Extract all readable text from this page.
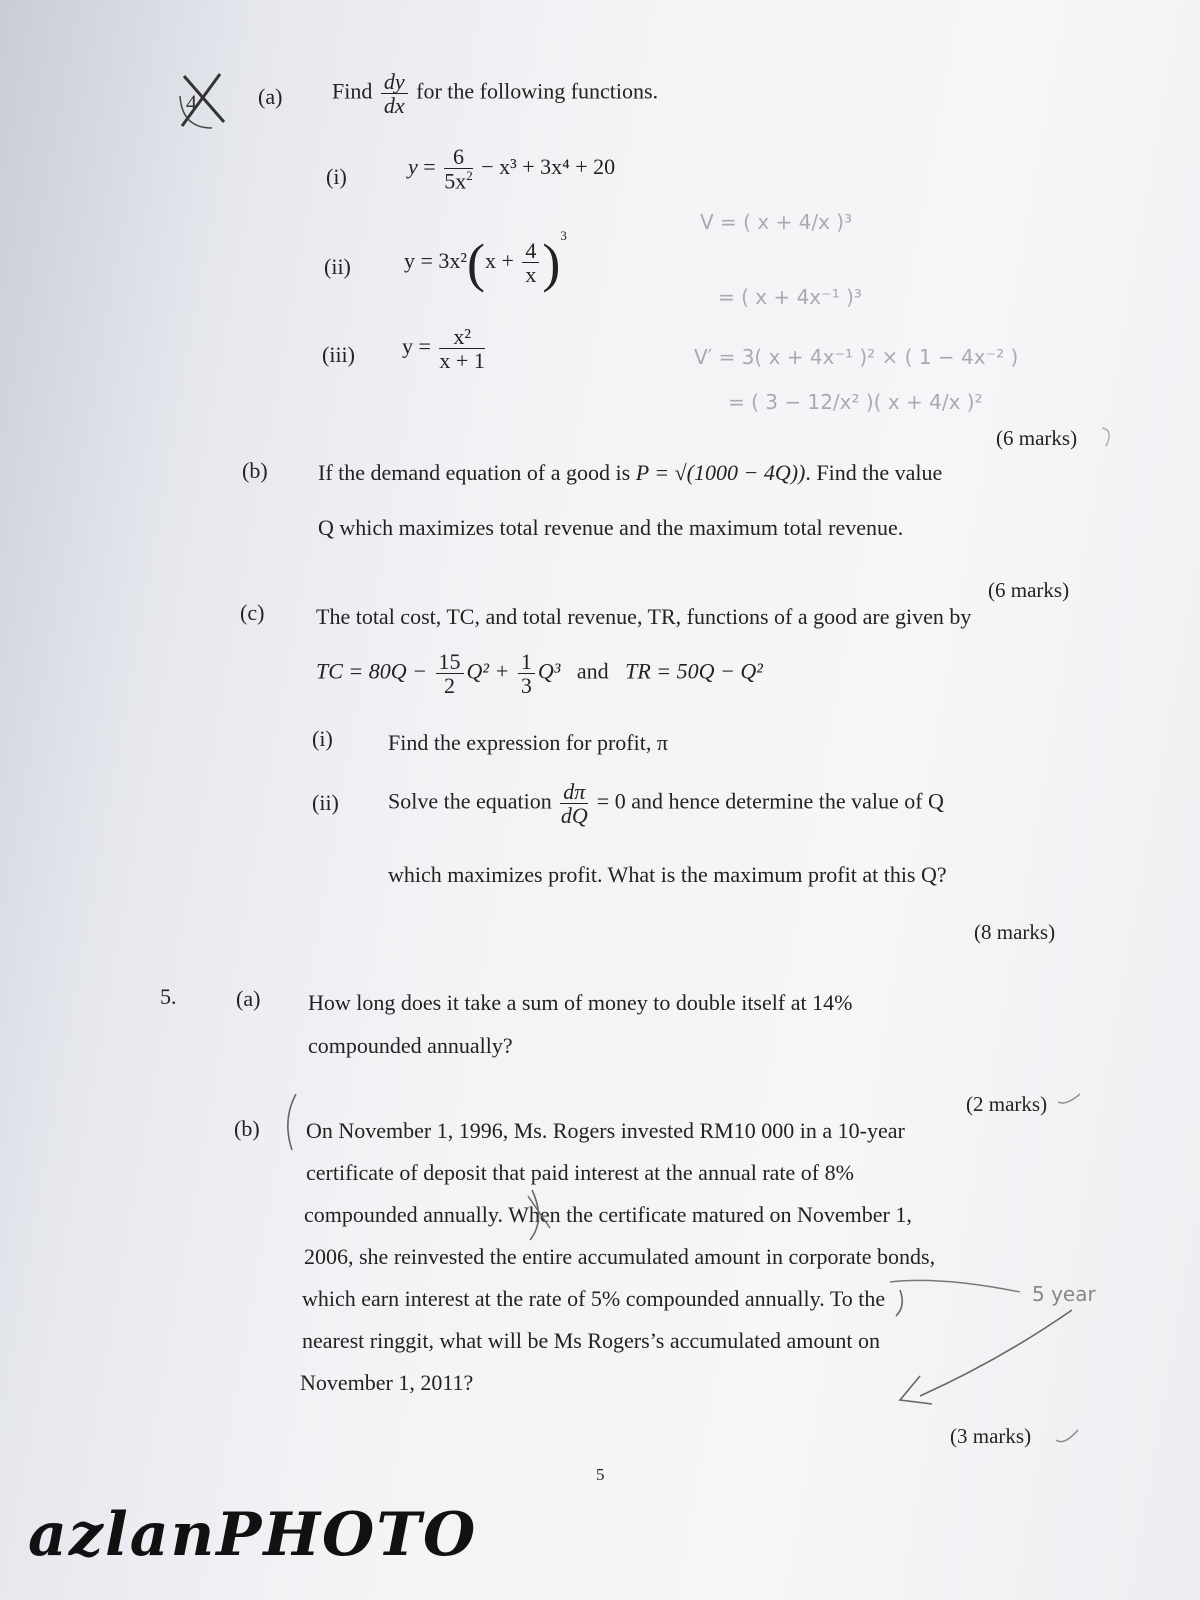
4	(a) Find $\frac{dy}{dx}$ for the following functions.
(i)	$y = \frac{6}{5x^2} - x^3 + 3x^4 + 20$
(ii) $y = 3x^2(x + \frac{4}{x} )^3$
(iii) $y = \frac{\text{x²}}{x + 1}$
V = ( x + 4/x )³
= ( x + 4x⁻¹ )³
V′ = 3( x + 4x⁻¹ )² × ( 1 − 4x⁻² )
= ( 3 − 12/x² )( x + 4/x )²
(6 marks)
(b) If the demand equation of a good is P = √(1000 − 4Q)). Find the value
Q which maximizes total revenue and the maximum total revenue.
(6 marks)
(c) The total cost, TC, and total revenue, TR, functions of a good are given by
TC = $80Q - \frac{15}{2} Q^2 + \frac{1}{3} Q^3$ and TR = 50Q − Q²
(i)	Find the expression for profit, π
(ii) Solve the equation $\frac{d\pi}{dQ} = 0$ and hence determine the value of Q
which maximizes profit. What is the maximum profit at this Q?
(8 marks)
5.	(a) How long does it take a sum of money to double itself at 14%
compounded annually?
(2 marks)
(b) On November 1, 1996, Ms. Rogers invested RM10 000 in a 10-year
certificate of deposit that paid interest at the annual rate of 8%
compounded annually. When the certificate matured on November 1,
2006, she reinvested the entire accumulated amount in corporate bonds,
which earn interest at the rate of 5% compounded annually. To the
nearest ringgit, what will be Ms Rogers’s accumulated amount on
November 1, 2011?
(3 marks)
5 year
5
azlanPHOTO
